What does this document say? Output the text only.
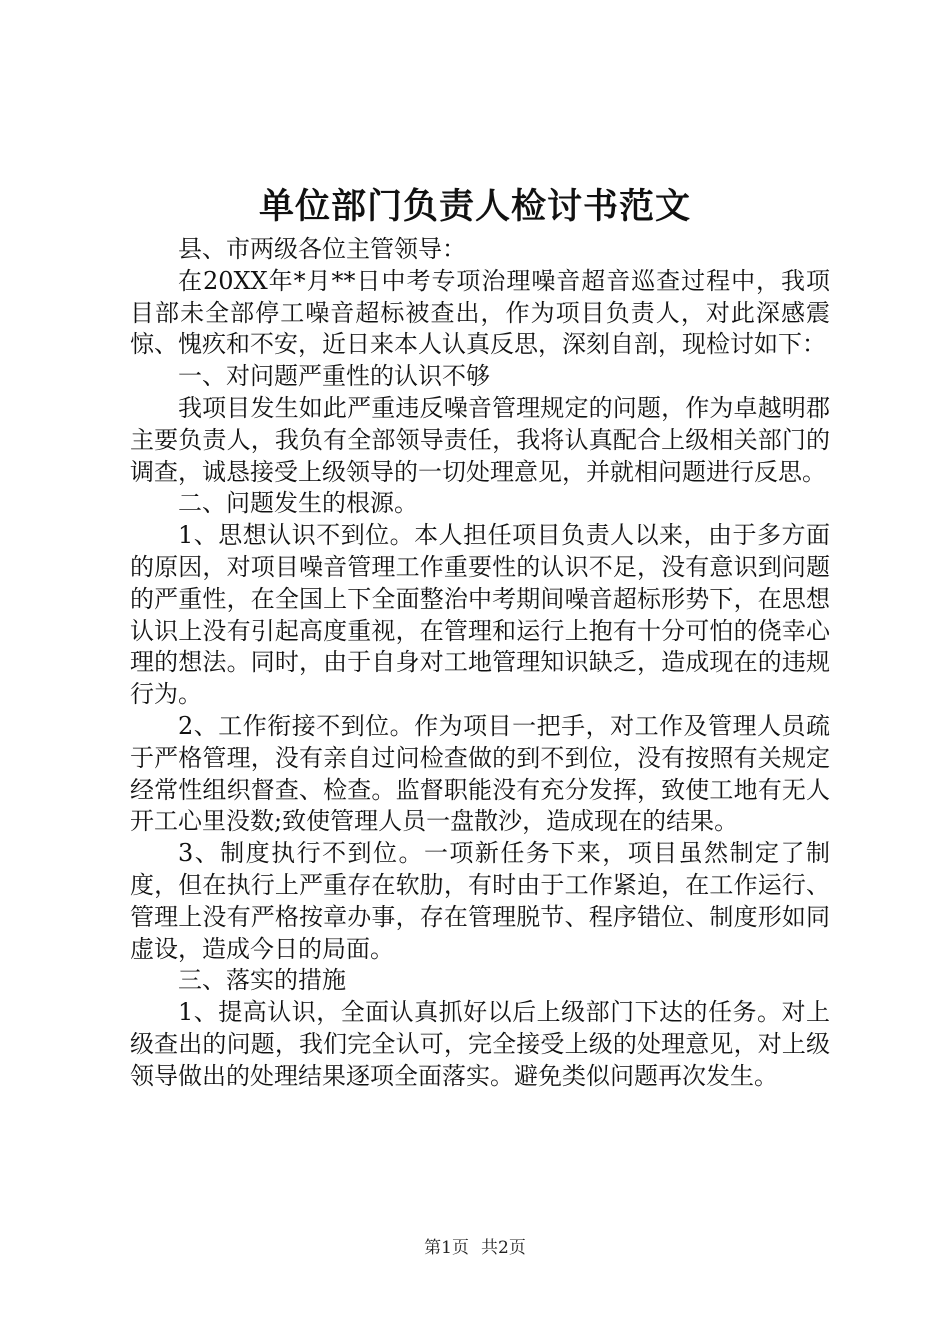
单位部门负责人检讨书范文

县、市两级各位主管领导：

在20XX年*月**日中考专项治理噪音超音巡查过程中，我项目部未全部停工噪音超标被查出，作为项目负责人，对此深感震惊、愧疚和不安，近日来本人认真反思，深刻自剖，现检讨如下：

一、对问题严重性的认识不够

我项目发生如此严重违反噪音管理规定的问题，作为卓越明郡主要负责人，我负有全部领导责任，我将认真配合上级相关部门的调查，诚恳接受上级领导的一切处理意见，并就相问题进行反思。

二、问题发生的根源。

1、思想认识不到位。本人担任项目负责人以来，由于多方面的原因，对项目噪音管理工作重要性的认识不足，没有意识到问题的严重性，在全国上下全面整治中考期间噪音超标形势下，在思想认识上没有引起高度重视，在管理和运行上抱有十分可怕的侥幸心理的想法。同时，由于自身对工地管理知识缺乏，造成现在的违规行为。

2、工作衔接不到位。作为项目一把手，对工作及管理人员疏于严格管理，没有亲自过问检查做的到不到位，没有按照有关规定经常性组织督查、检查。监督职能没有充分发挥，致使工地有无人开工心里没数;致使管理人员一盘散沙，造成现在的结果。

3、制度执行不到位。一项新任务下来，项目虽然制定了制度，但在执行上严重存在软肋，有时由于工作紧迫，在工作运行、管理上没有严格按章办事，存在管理脱节、程序错位、制度形如同虚设，造成今日的局面。

三、落实的措施

1、提高认识，全面认真抓好以后上级部门下达的任务。对上级查出的问题，我们完全认可，完全接受上级的处理意见，对上级领导做出的处理结果逐项全面落实。避免类似问题再次发生。

第1页 共2页
